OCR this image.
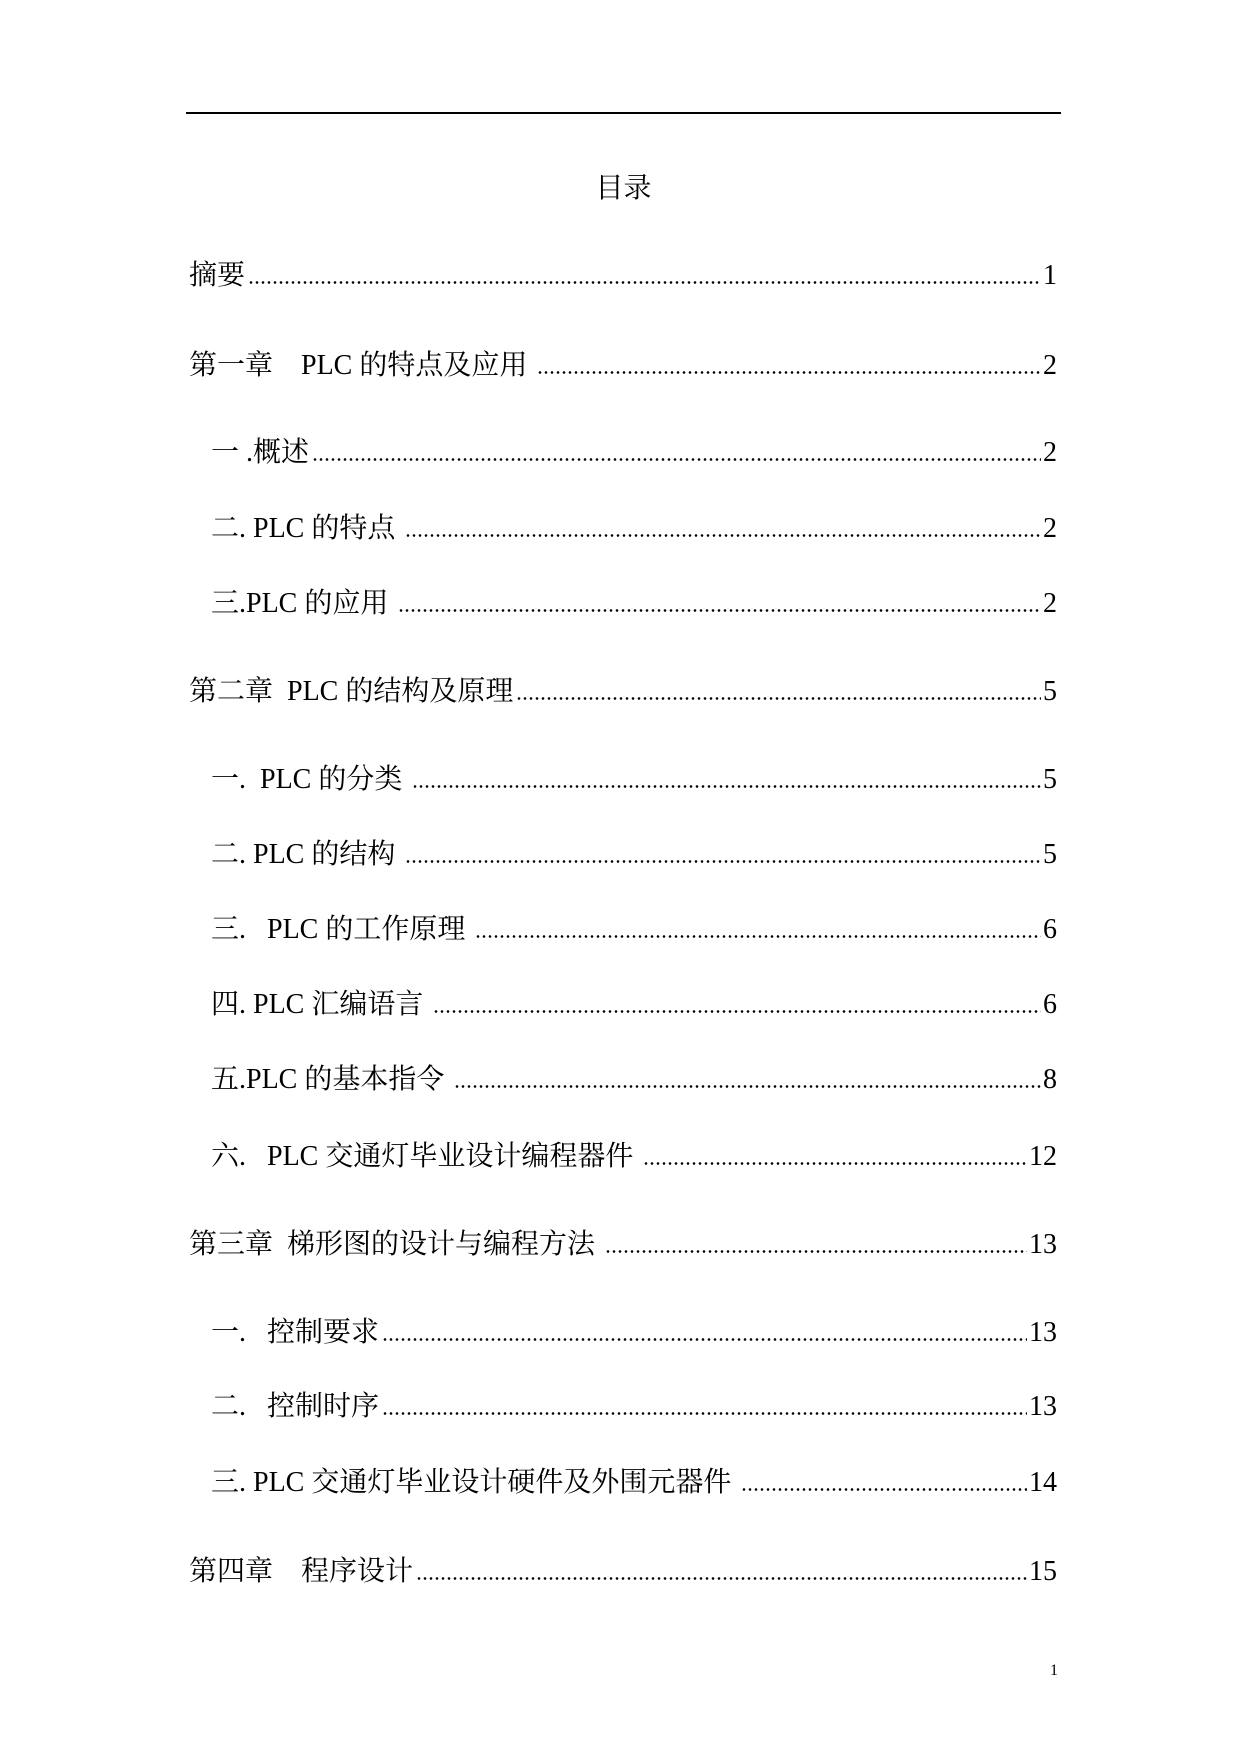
目录
摘要	1
第一章    PLC 的特点及应用	2
一 .概述	2
二. PLC 的特点	2
三.PLC 的应用	2
第二章  PLC 的结构及原理	5
一.  PLC 的分类	5
二. PLC 的结构	5
三.   PLC 的工作原理	6
四. PLC 汇编语言	6
五.PLC 的基本指令	8
六.   PLC 交通灯毕业设计编程器件	12
第三章  梯形图的设计与编程方法	13
一.   控制要求	13
二.   控制时序	13
三. PLC 交通灯毕业设计硬件及外围元器件	14
第四章    程序设计	15
1
